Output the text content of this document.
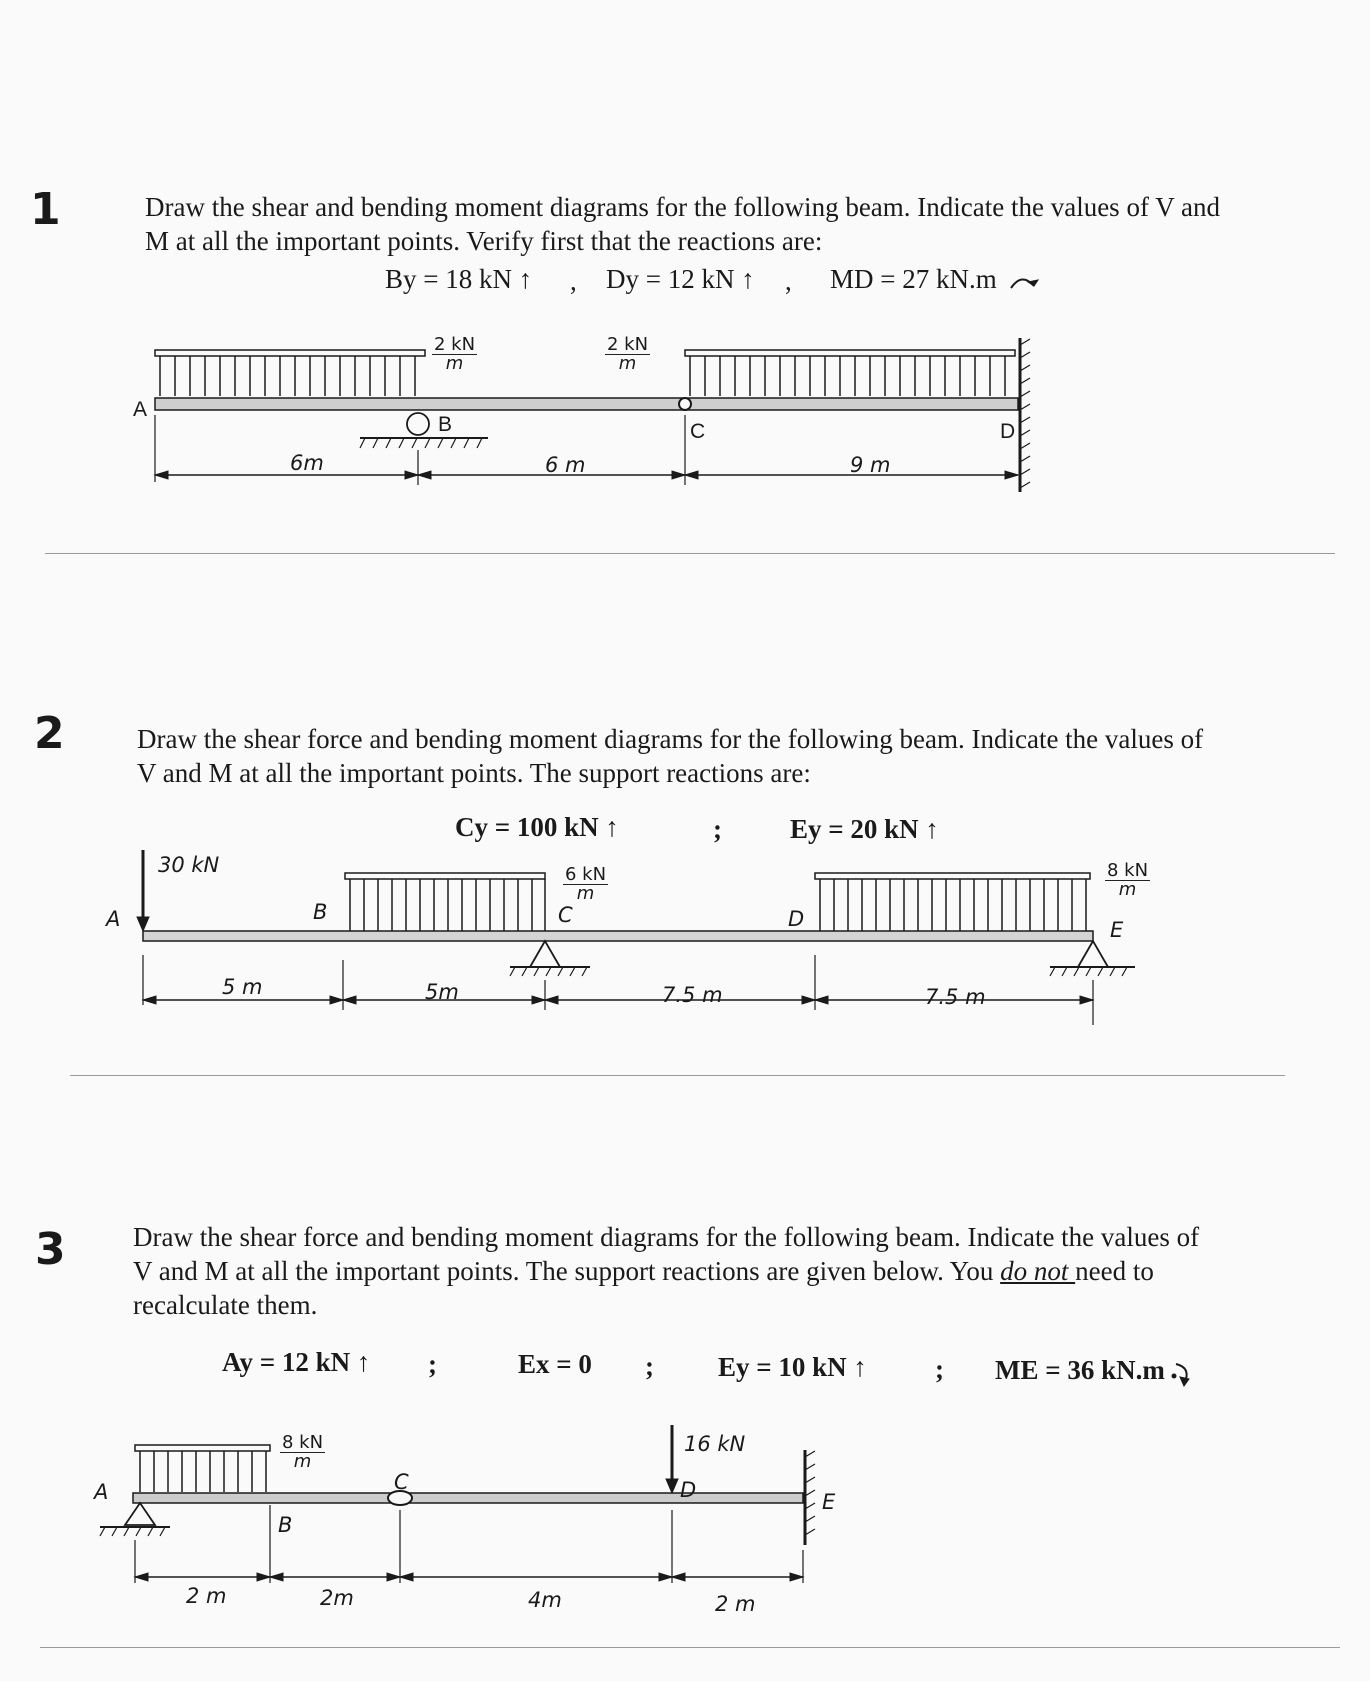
1	Draw the shear and bending moment diagrams for the following beam. Indicate the values of V and
M at all the important points. Verify first that the reactions are:
By = 18 kN ↑ , Dy = 12 kN ↑ , MD = 27 kN.m
A
B	C	D
$\frac{2 kN}{m}$	$\frac{2 kN}{m}$
6m	6 m	9 m
2	Draw the shear force and bending moment diagrams for the following beam. Indicate the values of
V and M at all the important points. The support reactions are:
Cy = 100 kN ↑	;	Ey = 20 kN ↑
30 kN
A	B	C	D	E
$\frac{6 kN}{m}$	$\frac{8 kN}{m}$
5 m	5m	7.5 m	7.5 m
3 Draw the shear force and bending moment diagrams for the following beam. Indicate the values of
V and M at all the important points. The support reactions are given below. You do not need to
recalculate them.
Ay = 12 kN ↑ ;	Ex = 0 ; Ey = 10 kN ↑	; ME = 36 kN.m
A
B
C	D	E
16 kN
$\frac{8 kN}{m}$
2 m	2m	4m	2 m
